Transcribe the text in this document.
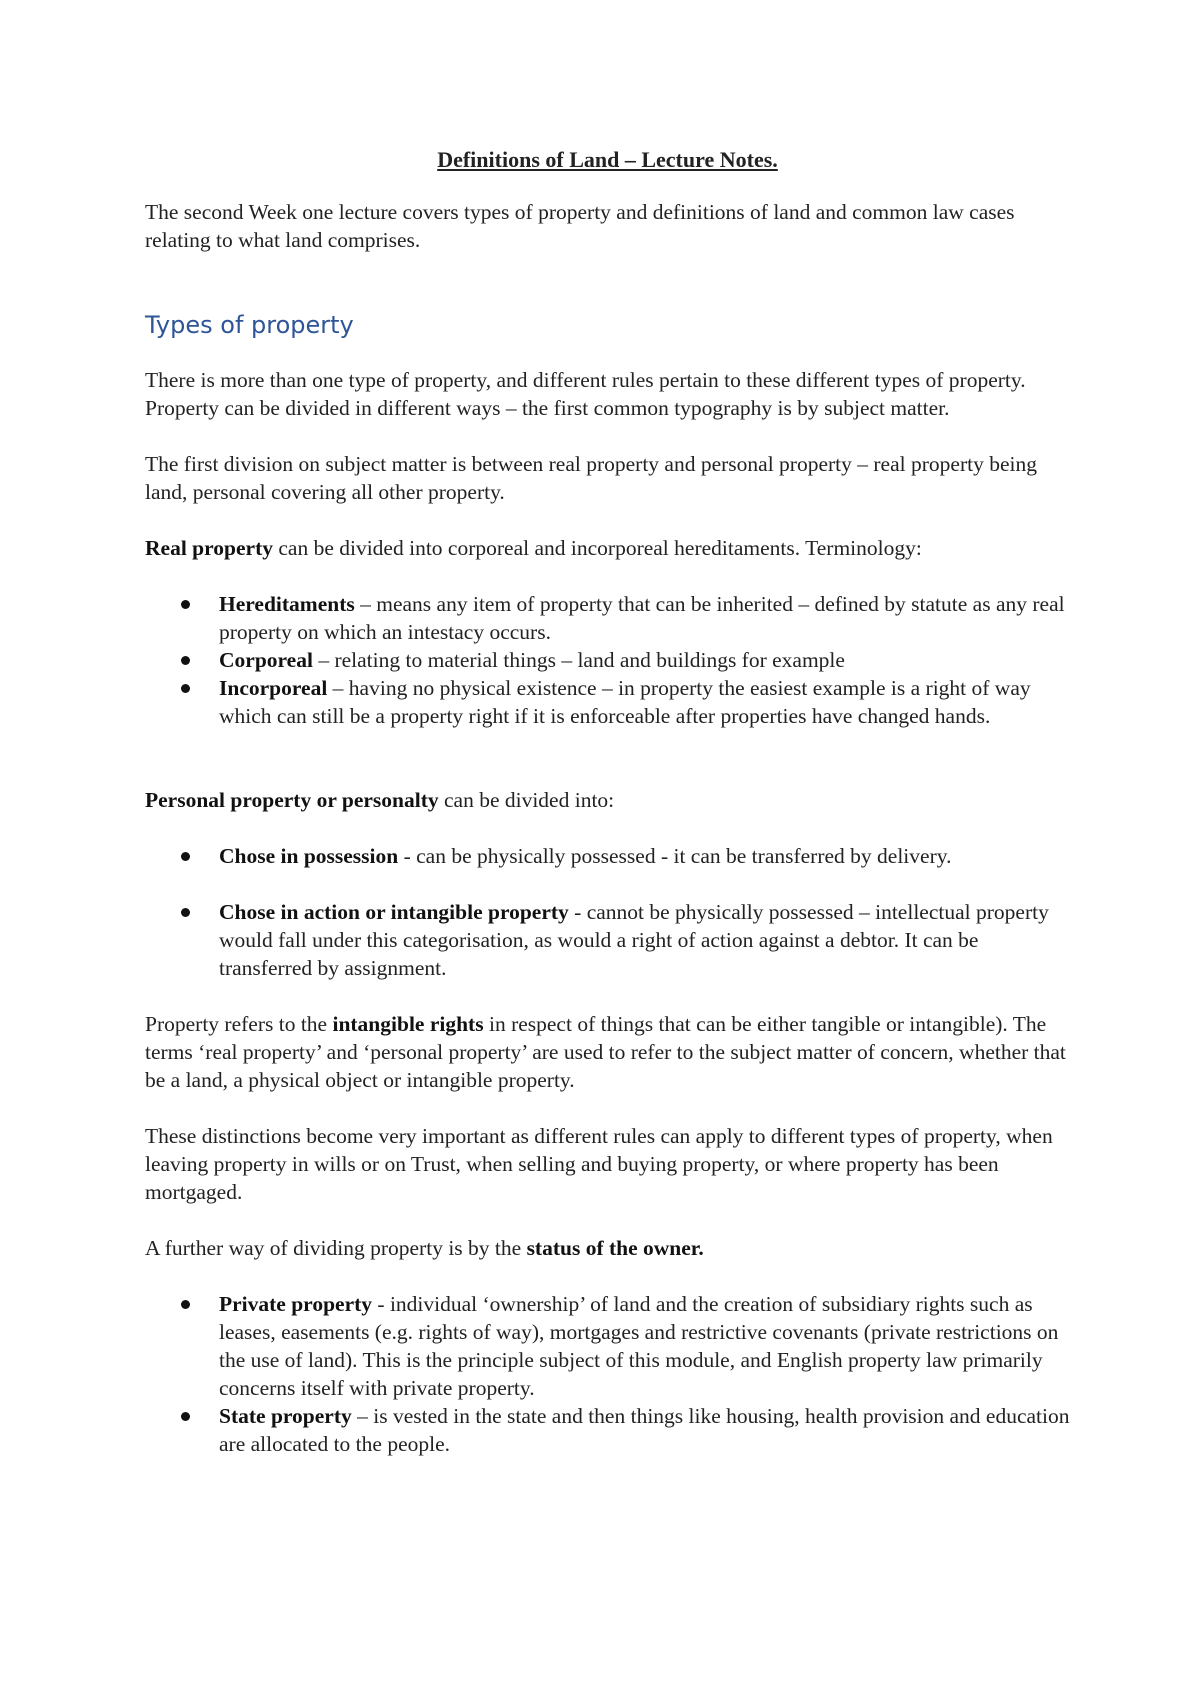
Definitions of Land – Lecture Notes.

The second Week one lecture covers types of property and definitions of land and common law cases relating to what land comprises.

Types of property

There is more than one type of property, and different rules pertain to these different types of property. Property can be divided in different ways – the first common typography is by subject matter.

The first division on subject matter is between real property and personal property – real property being land, personal covering all other property.

Real property can be divided into corporeal and incorporeal hereditaments. Terminology:

Hereditaments – means any item of property that can be inherited – defined by statute as any real property on which an intestacy occurs.
Corporeal – relating to material things – land and buildings for example
Incorporeal – having no physical existence – in property the easiest example is a right of way which can still be a property right if it is enforceable after properties have changed hands.

Personal property or personalty can be divided into:

Chose in possession - can be physically possessed - it can be transferred by delivery.
Chose in action or intangible property - cannot be physically possessed – intellectual property would fall under this categorisation, as would a right of action against a debtor. It can be transferred by assignment.

Property refers to the intangible rights in respect of things that can be either tangible or intangible). The terms ‘real property’ and ‘personal property’ are used to refer to the subject matter of concern, whether that be a land, a physical object or intangible property.

These distinctions become very important as different rules can apply to different types of property, when leaving property in wills or on Trust, when selling and buying property, or where property has been mortgaged.

A further way of dividing property is by the status of the owner.

Private property - individual ‘ownership’ of land and the creation of subsidiary rights such as leases, easements (e.g. rights of way), mortgages and restrictive covenants (private restrictions on the use of land). This is the principle subject of this module, and English property law primarily concerns itself with private property.
State property – is vested in the state and then things like housing, health provision and education are allocated to the people.
